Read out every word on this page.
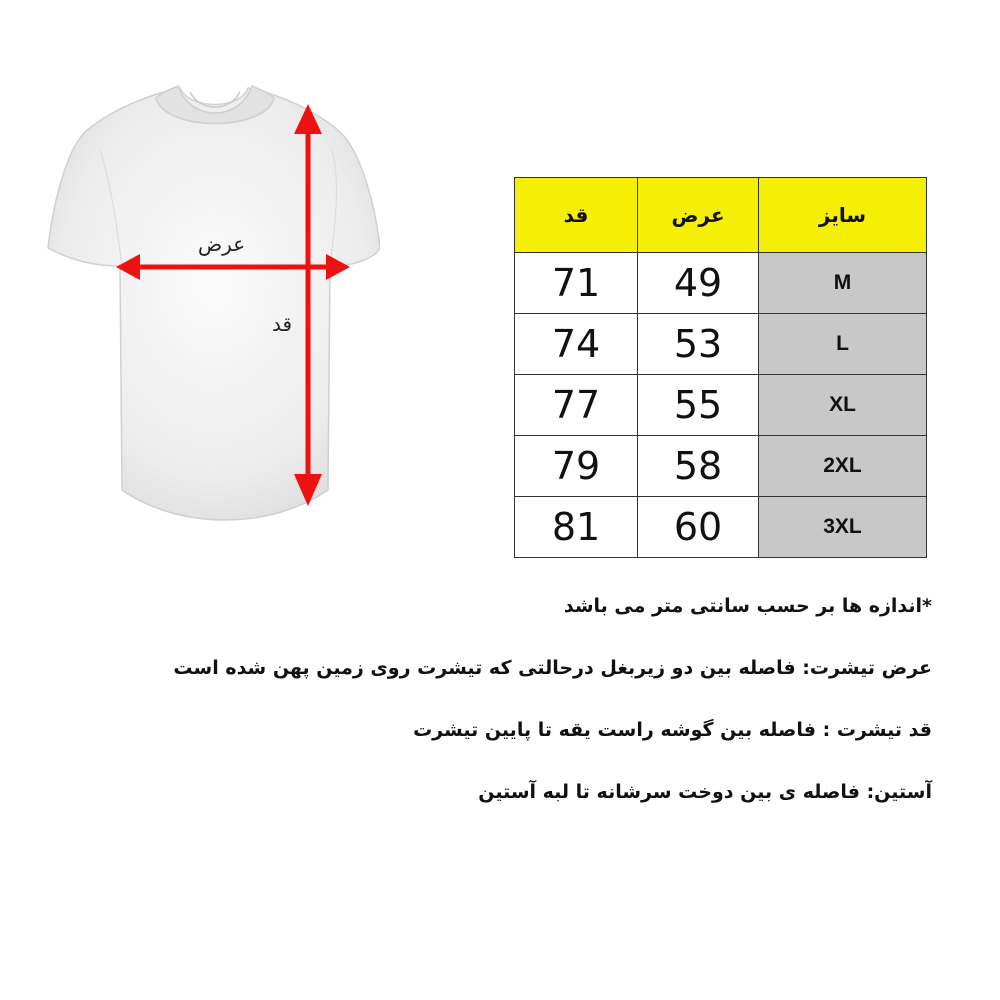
عرض
قد
سایز	عرض	قد
M	49	71
L	53	74
XL	55	77
2XL	58	79
3XL	60	81

*اندازه ها بر حسب سانتی متر می باشد

عرض تیشرت: فاصله بین دو زیربغل درحالتی که تیشرت روی زمین پهن شده است

قد تیشرت : فاصله بین گوشه راست یقه تا پایین تیشرت

آستین: فاصله ی بین دوخت سرشانه تا لبه آستین
